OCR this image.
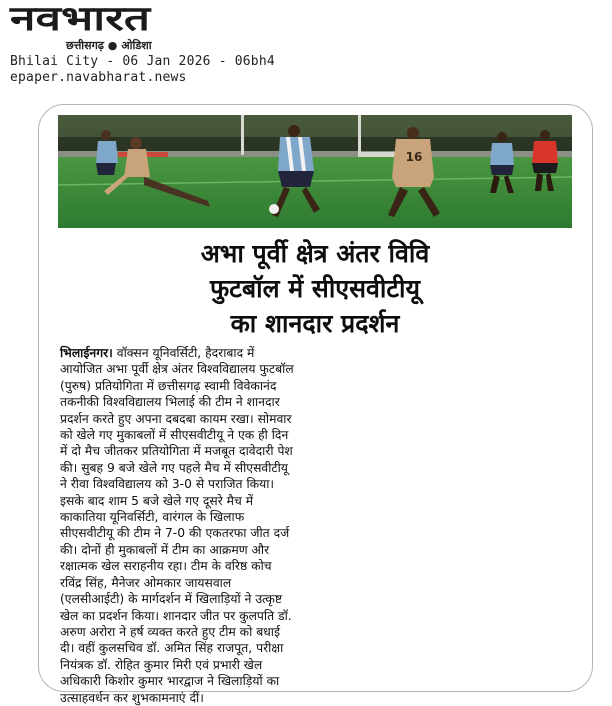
नवभारत
छत्तीसगढ़ ● ओडिशा
Bhilai City - 06 Jan 2026 - 06bh4
epaper.navabharat.news
16
अभा पूर्वी क्षेत्र अंतर विवि
फुटबॉल में सीएसवीटीयू
का शानदार प्रदर्शन
भिलाईनगर। वॉक्सन यूनिवर्सिटी, हैदराबाद में
आयोजित अभा पूर्वी क्षेत्र अंतर विश्वविद्यालय फुटबॉल
(पुरुष) प्रतियोगिता में छत्तीसगढ़ स्वामी विवेकानंद
तकनीकी विश्वविद्यालय भिलाई की टीम ने शानदार
प्रदर्शन करते हुए अपना दबदबा कायम रखा। सोमवार
को खेले गए मुकाबलों में सीएसवीटीयू ने एक ही दिन
में दो मैच जीतकर प्रतियोगिता में मजबूत दावेदारी पेश
की। सुबह 9 बजे खेले गए पहले मैच में सीएसवीटीयू
ने रीवा विश्वविद्यालय को 3-0 से पराजित किया।
इसके बाद शाम 5 बजे खेले गए दूसरे मैच में
काकातिया यूनिवर्सिटी, वारंगल के खिलाफ
सीएसवीटीयू की टीम ने 7-0 की एकतरफा जीत दर्ज
की। दोनों ही मुकाबलों में टीम का आक्रमण और
रक्षात्मक खेल सराहनीय रहा। टीम के वरिष्ठ कोच
रविंद्र सिंह, मैनेजर ओमकार जायसवाल
(एलसीआईटी) के मार्गदर्शन में खिलाड़ियों ने उत्कृष्ट
खेल का प्रदर्शन किया। शानदार जीत पर कुलपति डॉ.
अरुण अरोरा ने हर्ष व्यक्त करते हुए टीम को बधाई
दी। वहीं कुलसचिव डॉ. अमित सिंह राजपूत, परीक्षा
नियंत्रक डॉ. रोहित कुमार मिरी एवं प्रभारी खेल
अधिकारी किशोर कुमार भारद्वाज ने खिलाड़ियों का
उत्साहवर्धन कर शुभकामनाएं दीं।
